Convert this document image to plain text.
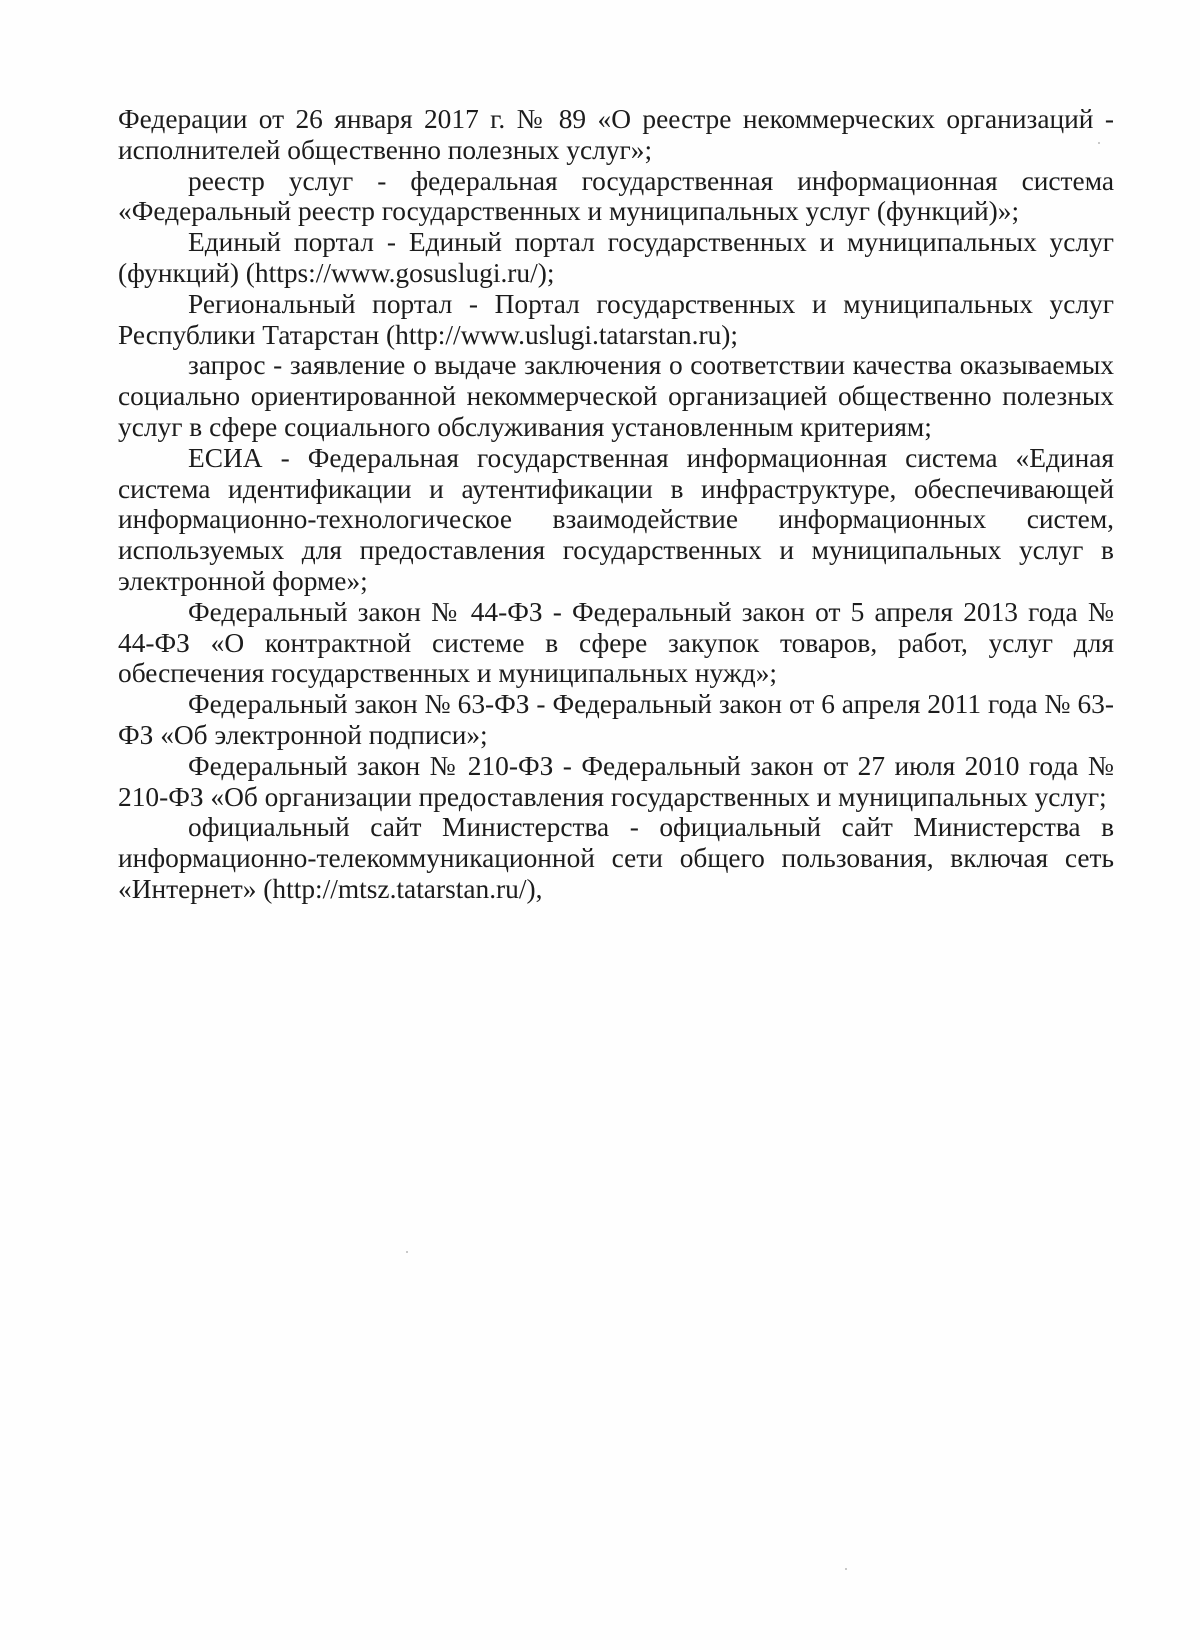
Федерации от 26 января 2017 г. № 89 «О реестре некоммерческих организаций - исполнителей общественно полезных услуг»;

реестр услуг - федеральная государственная информационная система «Федеральный реестр государственных и муниципальных услуг (функций)»;

Единый портал - Единый портал государственных и муниципальных услуг (функций) (https://www.gosuslugi.ru/);

Региональный портал - Портал государственных и муниципальных услуг Республики Татарстан (http://www.uslugi.tatarstan.ru);

запрос - заявление о выдаче заключения о соответствии качества оказываемых социально ориентированной некоммерческой организацией общественно полезных услуг в сфере социального обслуживания установленным критериям;

ЕСИА - Федеральная государственная информационная система «Единая система идентификации и аутентификации в инфраструктуре, обеспечивающей информационно-технологическое взаимодействие информационных систем, используемых для предоставления государственных и муниципальных услуг в электронной форме»;

Федеральный закон № 44-ФЗ - Федеральный закон от 5 апреля 2013 года № 44-ФЗ «О контрактной системе в сфере закупок товаров, работ, услуг для обеспечения государственных и муниципальных нужд»;

Федеральный закон № 63-ФЗ - Федеральный закон от 6 апреля 2011 года № 63-ФЗ «Об электронной подписи»;

Федеральный закон № 210-ФЗ - Федеральный закон от 27 июля 2010 года № 210-ФЗ «Об организации предоставления государственных и муниципальных услуг;

официальный сайт Министерства - официальный сайт Министерства в информационно-телекоммуникационной сети общего пользования, включая сеть «Интернет» (http://mtsz.tatarstan.ru/),
